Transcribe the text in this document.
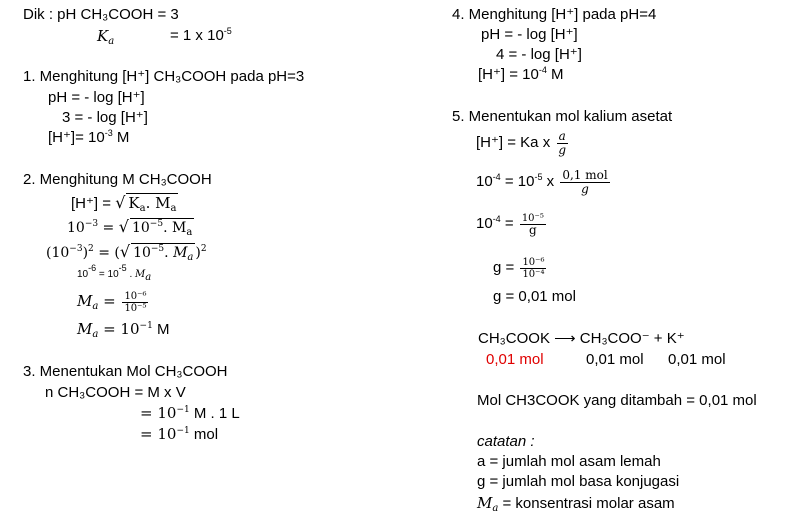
Dik : pH CH₃COOH = 3
$K_a$	= 1 x $10^{-5}$
1. Menghitung [H⁺] CH₃COOH pada pH=3
pH = - log [H⁺]
3 = - log [H⁺]
$[H^+]= 10^{-3}$ M
2. Menghitung M CH₃COOH
[H⁺] = √ $K_a$. $M_a$
$10^{-3}$ = √ $10^{-5}$. $M_a$
$(10^{-3})^2$ = (√ $10^{-5}$. $M_a$ )$^2$
$10^{-6} = 10^{-5}$ . $M_a$
$M_a = \frac{\text{10⁻⁶}}{\text{10⁻⁵}}$
$M_a = 10^{-1}$ M
3. Menentukan Mol CH₃COOH
n CH₃COOH = M x V
= $10^{-1}$ M . 1 L
= $10^{-1}$ mol
4. Menghitung [H⁺] pada pH=4
pH = - log [H⁺]
4 = - log [H⁺]
$[H^+] = 10^{-4}$ M
5. Menentukan mol kalium asetat
[H⁺] = Ka x $\frac{a}{g}$
$10^{-4} = 10^{-5}$ x $\frac{\text{0,1 mol}}{g}$
$10^{-4} = \frac{\text{10⁻⁵}}{g}$
$g = \frac{\text{10⁻⁶}}{\text{10⁻⁴}}$
g = 0,01 mol
CH₃COOK ⟶ CH₃COO⁻ + K⁺
0,01 mol	0,01 mol 0,01 mol
Mol CH3COOK yang ditambah = 0,01 mol
catatan :
a = jumlah mol asam lemah
g = jumlah mol basa konjugasi
$M_a$ = konsentrasi molar asam
